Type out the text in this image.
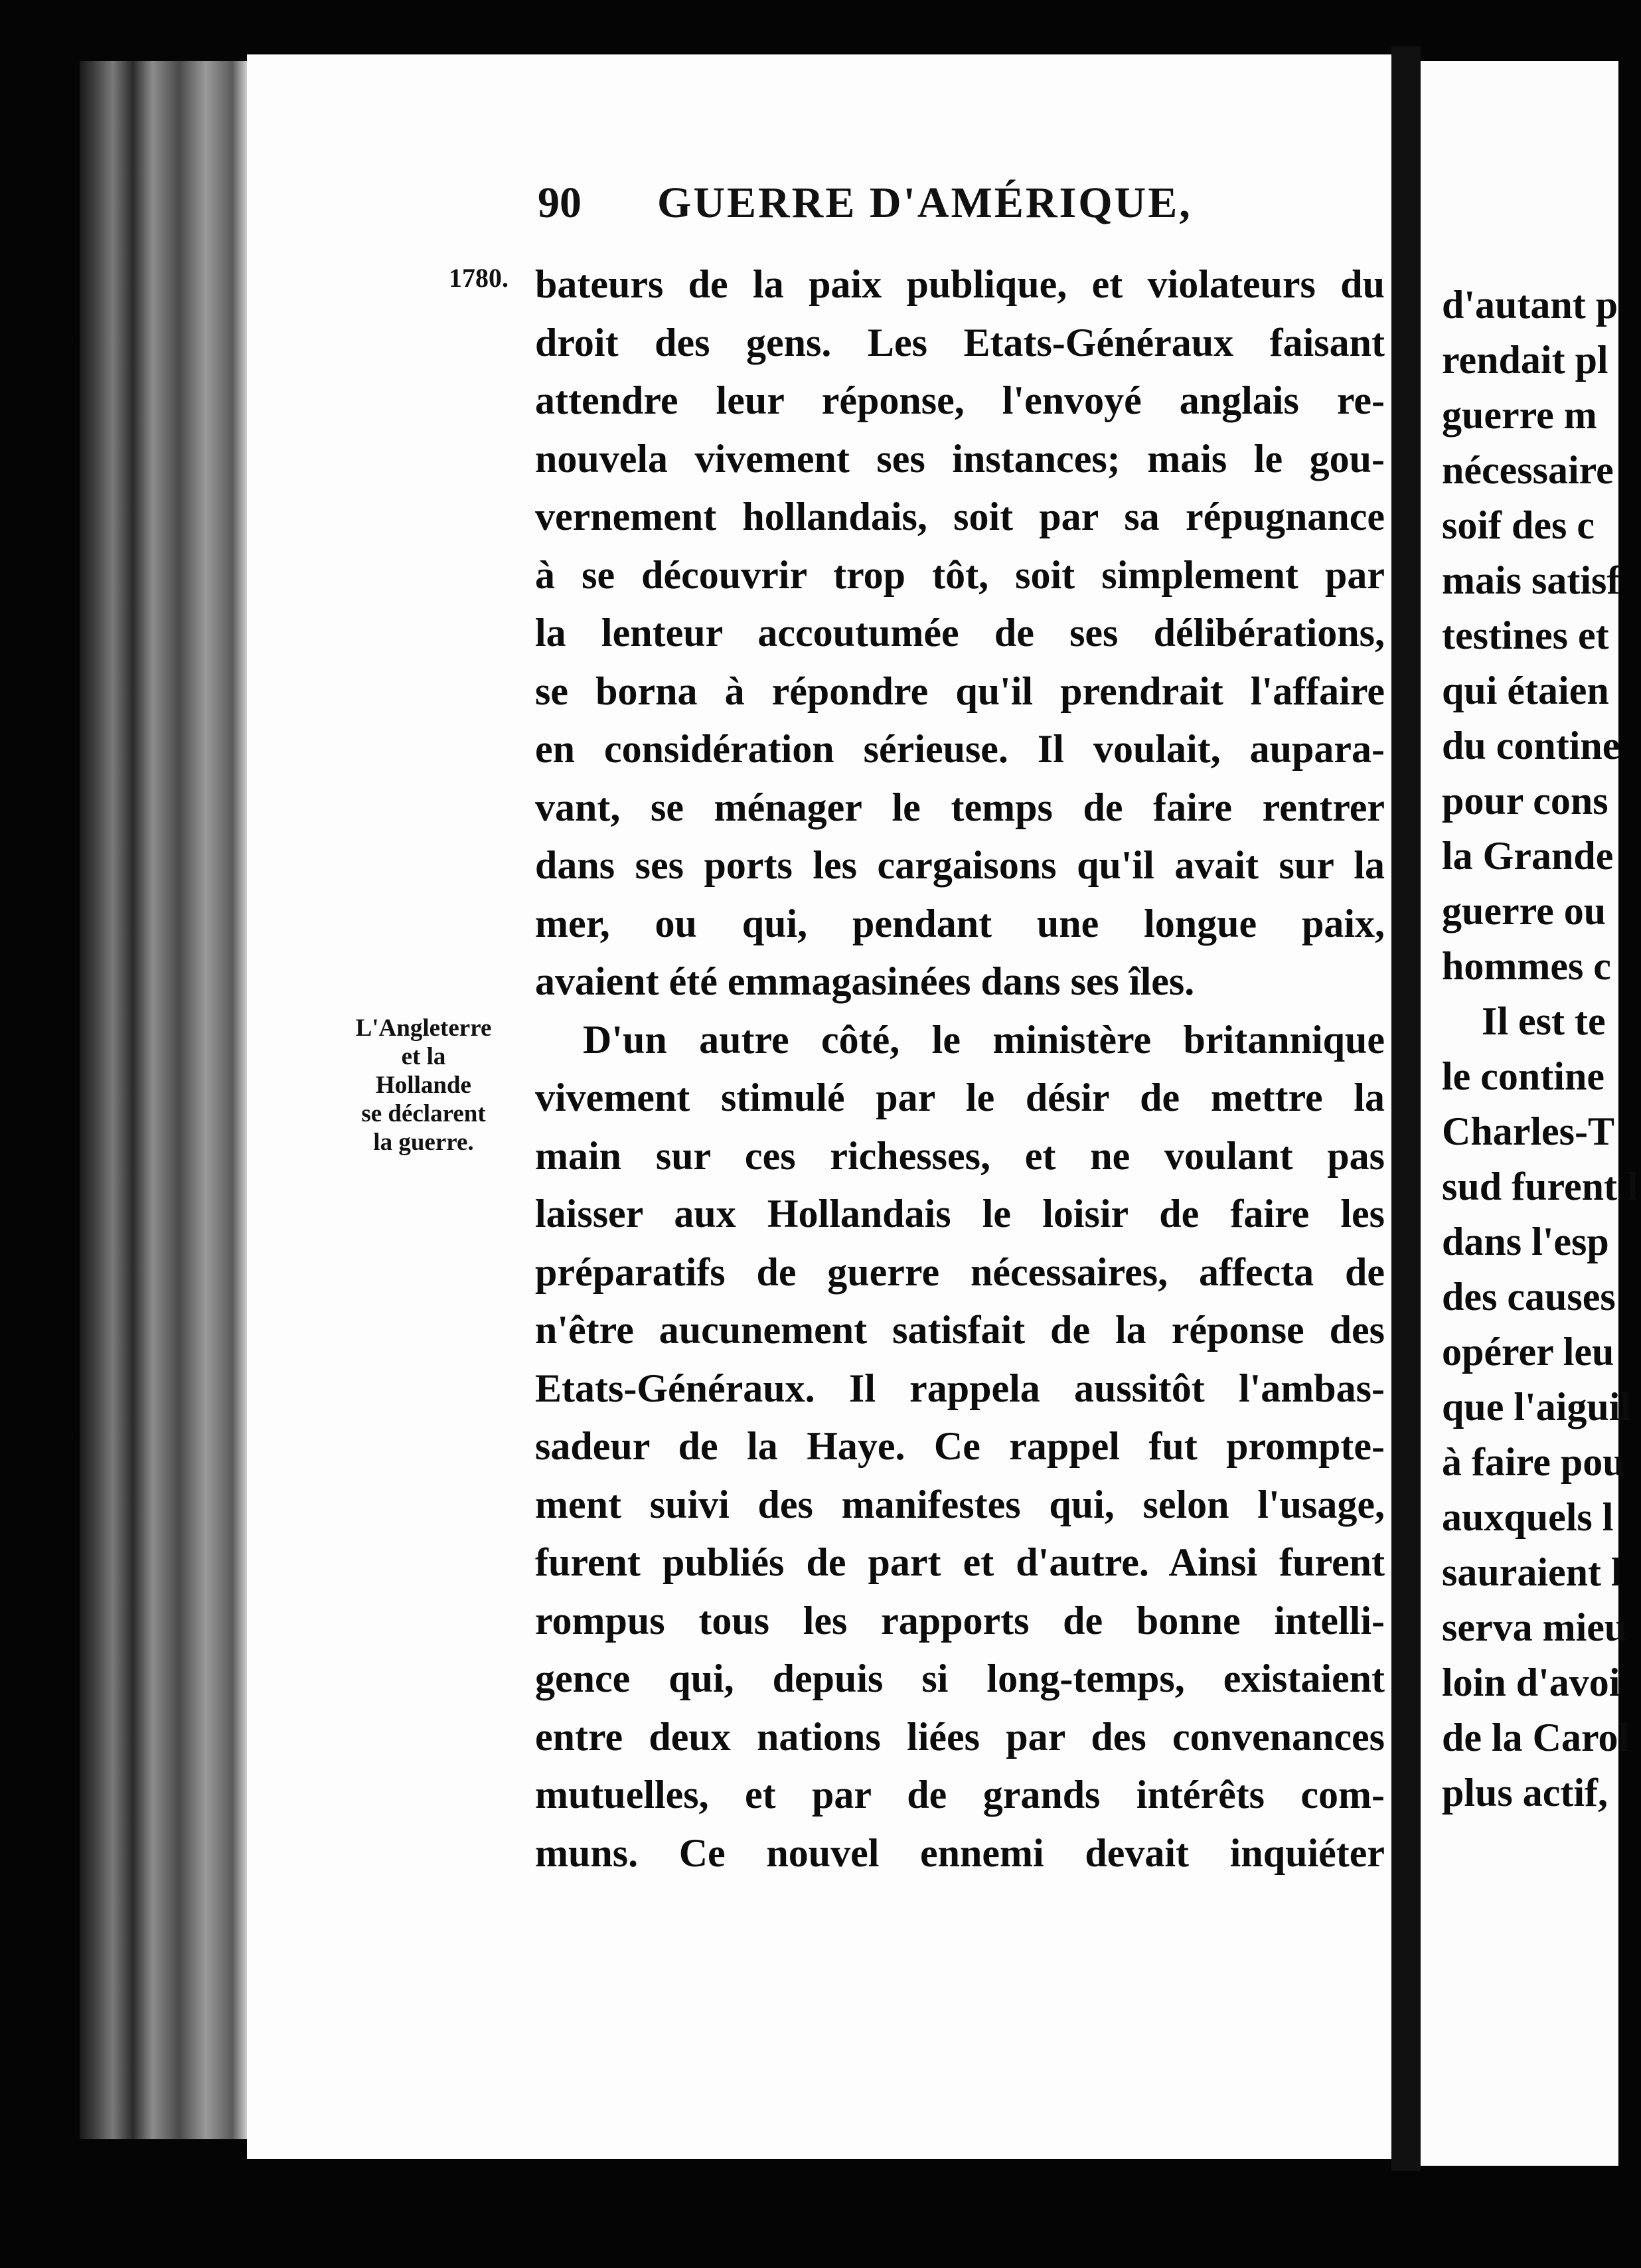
90 GUERRE D'AMÉRIQUE,
1780. bateurs de la paix publique, et violateurs du
droit des gens. Les Etats-Généraux faisant
attendre leur réponse, l'envoyé anglais re-
nouvela vivement ses instances; mais le gou-
vernement hollandais, soit par sa répugnance
à se découvrir trop tôt, soit simplement par
la lenteur accoutumée de ses délibérations,
se borna à répondre qu'il prendrait l'affaire
en considération sérieuse. Il voulait, aupara-
vant, se ménager le temps de faire rentrer
dans ses ports les cargaisons qu'il avait sur la
mer, ou qui, pendant une longue paix,
avaient été emmagasinées dans ses îles.
D'un autre côté, le ministère britannique
vivement stimulé par le désir de mettre la
main sur ces richesses, et ne voulant pas
laisser aux Hollandais le loisir de faire les
préparatifs de guerre nécessaires, affecta de
n'être aucunement satisfait de la réponse des
Etats-Généraux. Il rappela aussitôt l'ambas-
sadeur de la Haye. Ce rappel fut prompte-
ment suivi des manifestes qui, selon l'usage,
furent publiés de part et d'autre. Ainsi furent
rompus tous les rapports de bonne intelli-
gence qui, depuis si long-temps, existaient
entre deux nations liées par des convenances
mutuelles, et par de grands intérêts com-
muns. Ce nouvel ennemi devait inquiéter
L'Angleterre
et la
Hollande
se déclarent
la guerre.
d'autant p
rendait pl
guerre m
nécessaire
soif des c
mais satisf
testines et
qui étaien
du contine
pour cons
la Grande
guerre ou
hommes c
Il est te
le contine
Charles-T
sud furent l
dans l'esp
des causes
opérer leu
que l'aiguil
à faire pou
auxquels l
sauraient l
serva mieu
loin d'avoi
de la Carol
plus actif,
